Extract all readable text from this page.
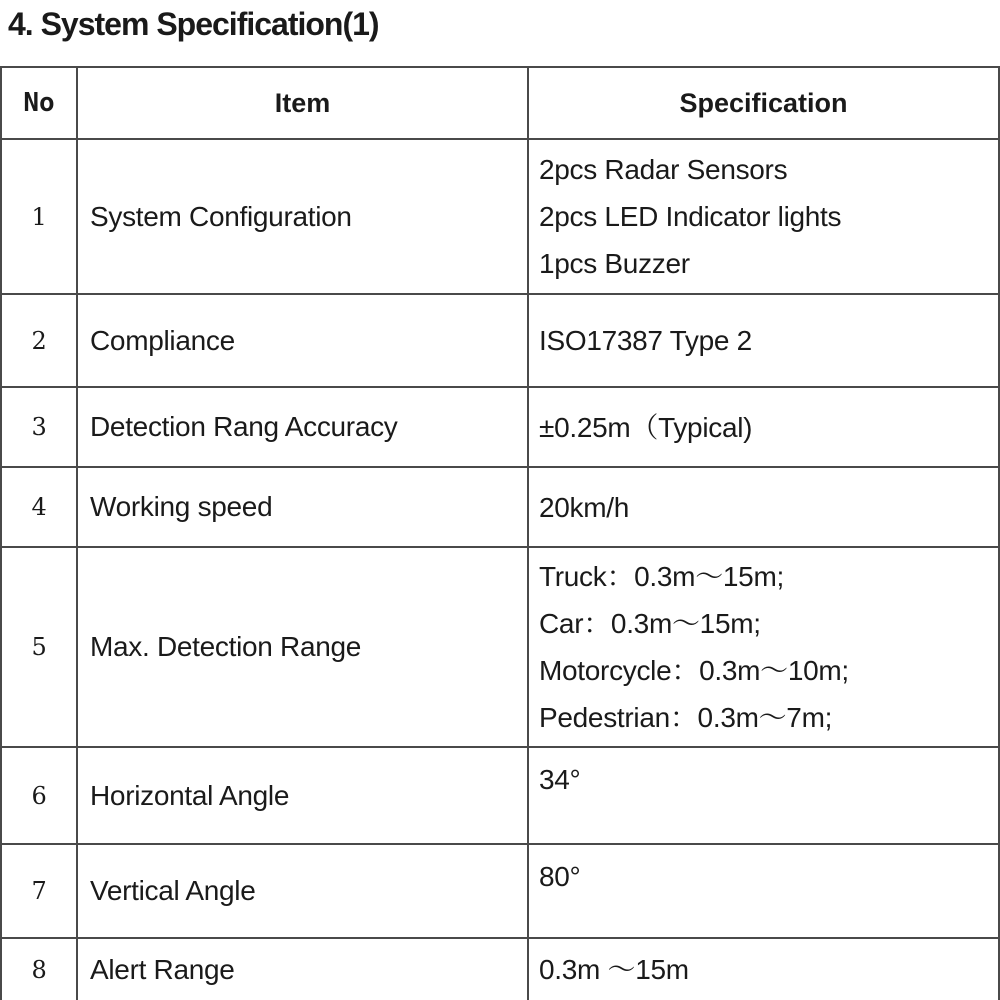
4. System Specification(1)
No	Item	Specification
1	System Configuration	2pcs Radar Sensors
2pcs LED Indicator lights
1pcs Buzzer

2	Compliance	ISO17387 Type 2

3	Detection Rang Accuracy	±0.25m（Typical)

4	Working speed	20km/h

5	Max. Detection Range	Truck：0.3m～15m;
Car：0.3m～15m;
Motorcycle：0.3m～10m;
Pedestrian：0.3m～7m;

6	Horizontal Angle	34°

7	Vertical Angle	80°

8	Alert Range	0.3m ～15m
